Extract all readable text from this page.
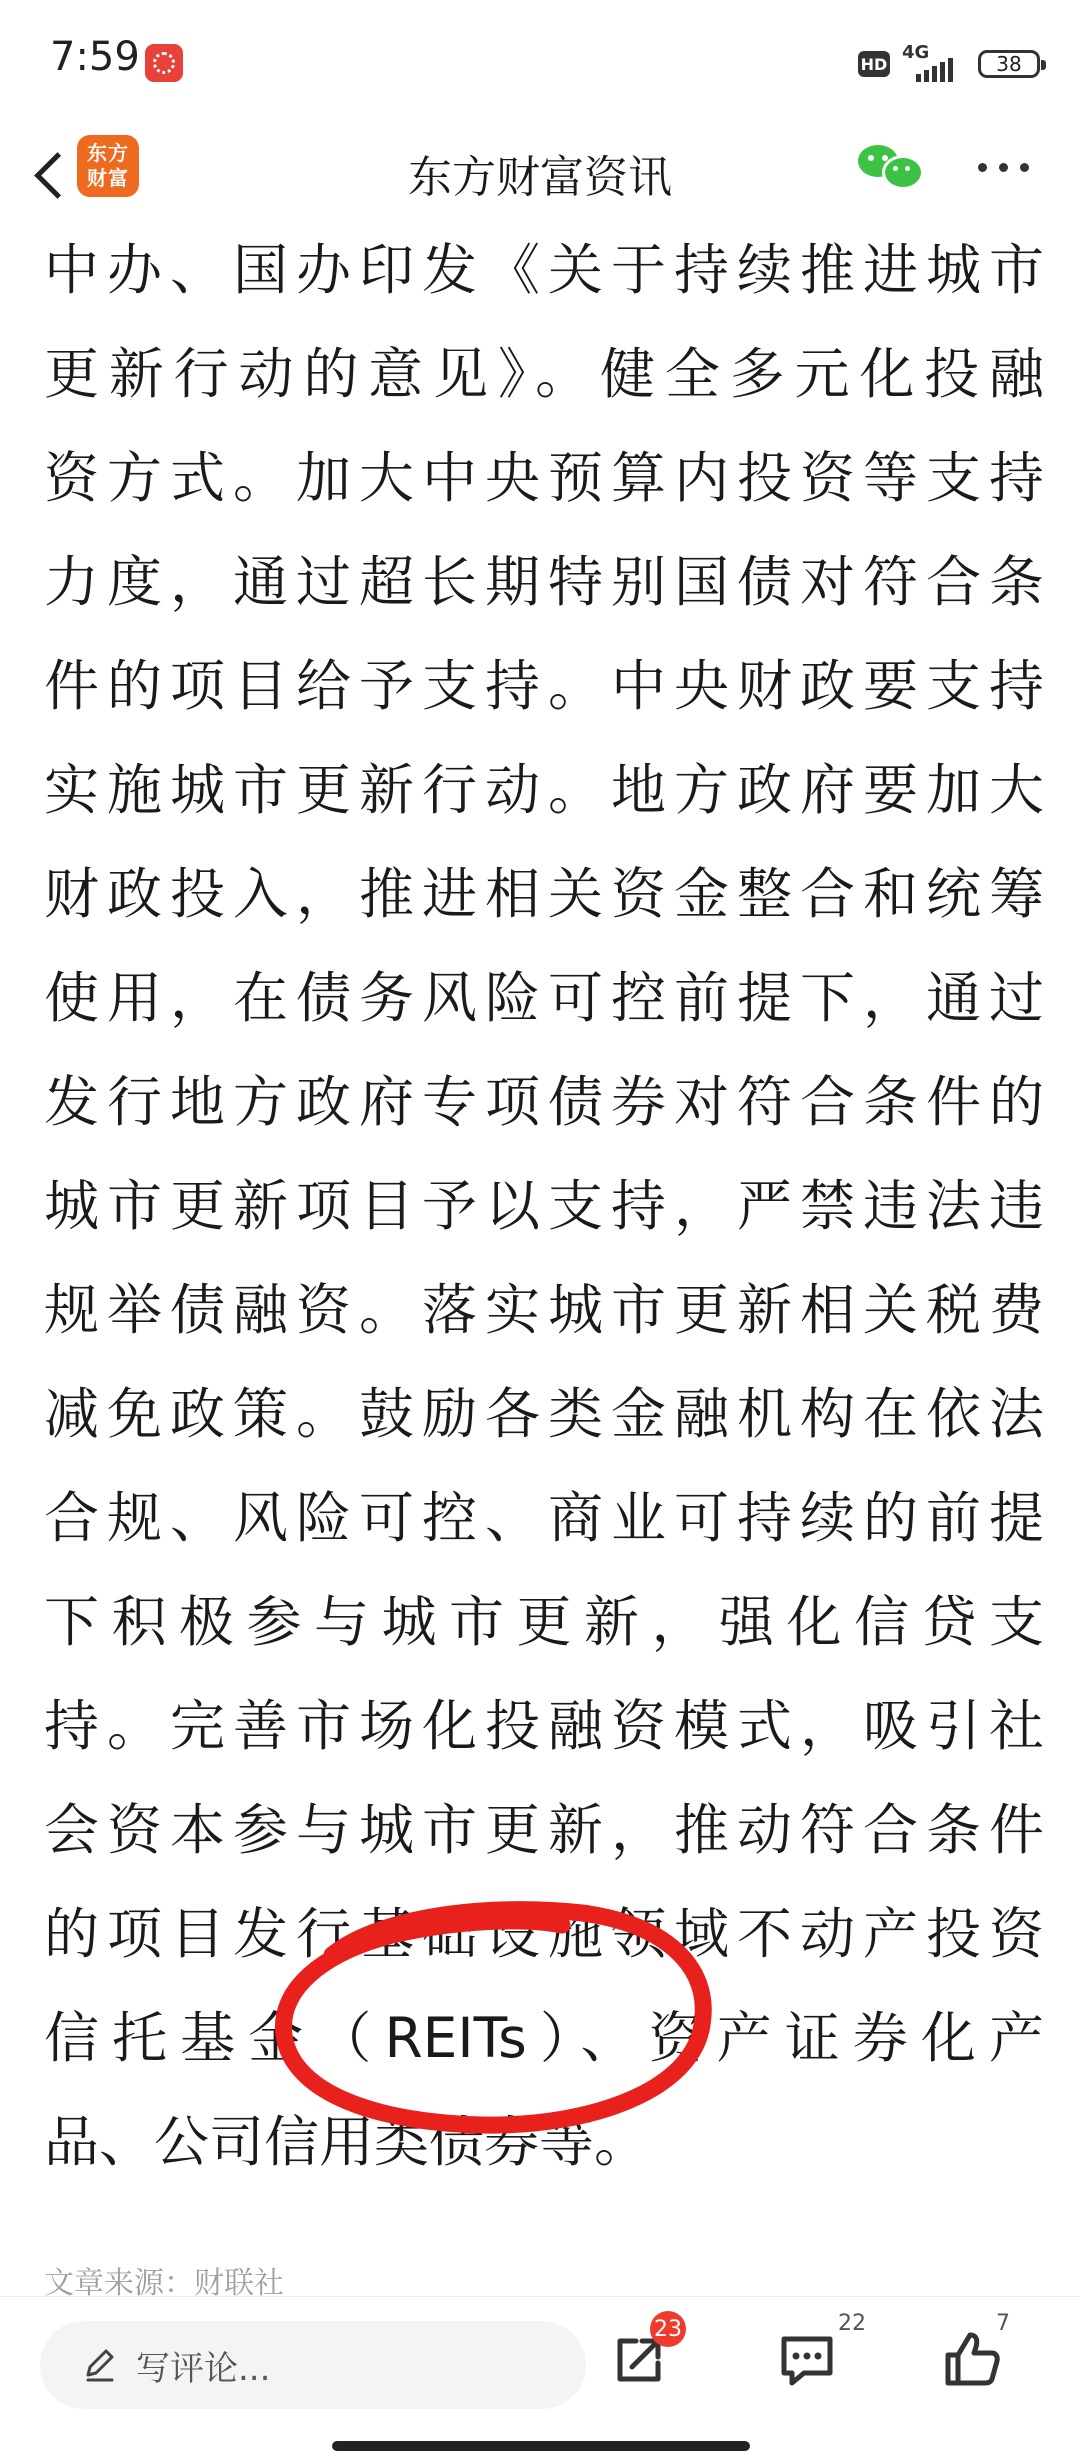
7:59	HD
4G	38
东方
财富	东方财富资讯
中办、国办印发《关于持续推进城市
更新行动的意见》。健全多元化投融
资方式。加大中央预算内投资等支持
力度，通过超长期特别国债对符合条
件的项目给予支持。中央财政要支持
实施城市更新行动。地方政府要加大
财政投入，推进相关资金整合和统筹
使用，在债务风险可控前提下，通过
发行地方政府专项债券对符合条件的
城市更新项目予以支持，严禁违法违
规举债融资。落实城市更新相关税费
减免政策。鼓励各类金融机构在依法
合规、风险可控、商业可持续的前提
下积极参与城市更新，强化信贷支
持。完善市场化投融资模式，吸引社
会资本参与城市更新，推动符合条件
的项目发行基础设施领域不动产投资
信托基金（REITs）、资产证券化产
品、公司信用类债券等。
文章来源：财联社
写评论...
23	22	7
